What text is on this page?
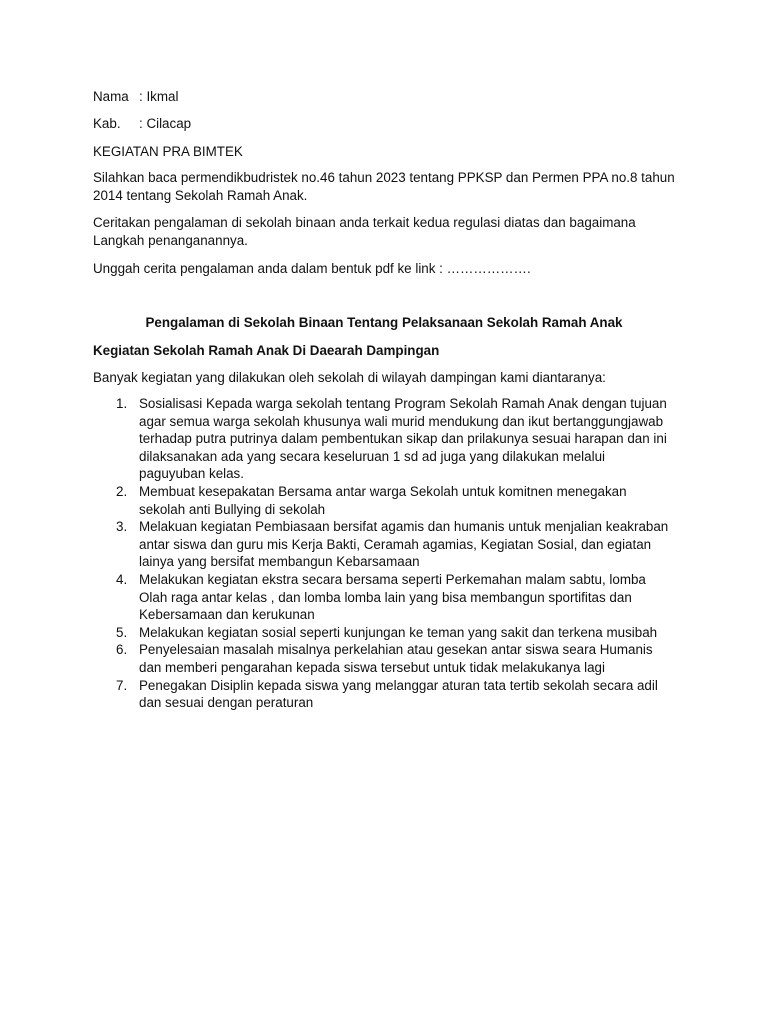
Nama : Ikmal
Kab. : Cilacap
KEGIATAN PRA BIMTEK

Silahkan baca permendikbudristek no.46 tahun 2023 tentang PPKSP dan Permen PPA no.8 tahun 2014 tentang Sekolah Ramah Anak.

Ceritakan pengalaman di sekolah binaan anda terkait kedua regulasi diatas dan bagaimana Langkah penanganannya.

Unggah cerita pengalaman anda dalam bentuk pdf ke link : ……………….

Pengalaman di Sekolah Binaan Tentang Pelaksanaan Sekolah Ramah Anak
Kegiatan Sekolah Ramah Anak Di Daearah Dampingan

Banyak kegiatan yang dilakukan oleh sekolah di wilayah dampingan kami diantaranya:

1. Sosialisasi Kepada warga sekolah tentang Program Sekolah Ramah Anak dengan tujuan agar semua warga sekolah khusunya wali murid mendukung dan ikut bertanggungjawab terhadap putra putrinya dalam pembentukan sikap dan prilakunya sesuai harapan dan ini dilaksanakan ada yang secara keseluruan 1 sd ad juga yang dilakukan melalui paguyuban kelas.
2. Membuat kesepakatan Bersama antar warga Sekolah untuk komitnen menegakan sekolah anti Bullying di sekolah
3. Melakuan kegiatan Pembiasaan bersifat agamis dan humanis untuk menjalian keakraban antar siswa dan guru mis Kerja Bakti, Ceramah agamias, Kegiatan Sosial, dan egiatan lainya yang bersifat membangun Kebarsamaan
4. Melakukan kegiatan ekstra secara bersama seperti Perkemahan malam sabtu, lomba Olah raga antar kelas , dan lomba lomba lain yang bisa membangun sportifitas dan Kebersamaan dan kerukunan
5. Melakukan kegiatan sosial seperti kunjungan ke teman yang sakit dan terkena musibah
6. Penyelesaian masalah misalnya perkelahian atau gesekan antar siswa seara Humanis dan memberi pengarahan kepada siswa tersebut untuk tidak melakukanya lagi
7. Penegakan Disiplin kepada siswa yang melanggar aturan tata tertib sekolah secara adil dan sesuai dengan peraturan
